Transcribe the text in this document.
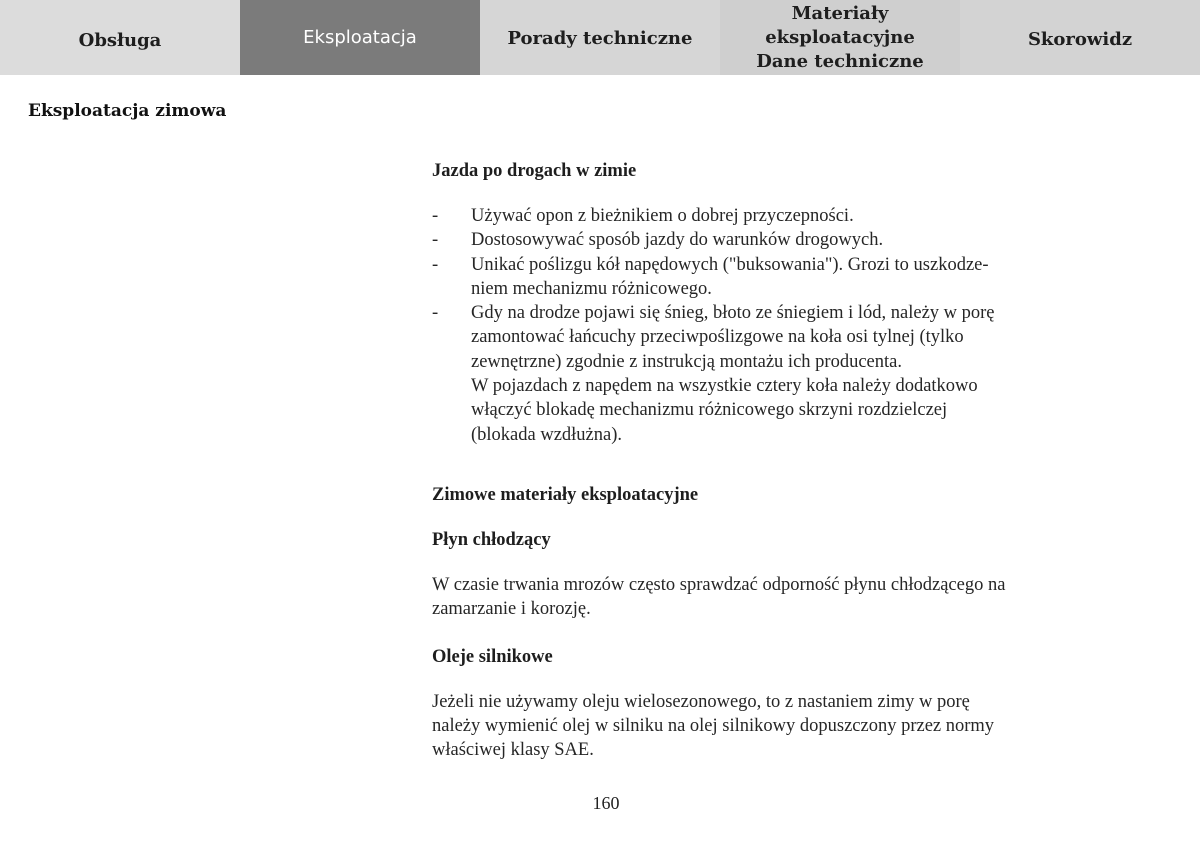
Obsługa	Eksploatacja	Porady techniczne
Materiały eksploatacyjne
Dane techniczne
Skorowidz
Eksploatacja zimowa
Jazda po drogach w zimie
- Używać opon z bieżnikiem o dobrej przyczepności.
- Dostosowywać sposób jazdy do warunków drogowych.
- Unikać poślizgu kół napędowych ("buksowania"). Grozi to uszkodze-
niem mechanizmu różnicowego.
- Gdy na drodze pojawi się śnieg, błoto ze śniegiem i lód, należy w porę
zamontować łańcuchy przeciwpoślizgowe na koła osi tylnej (tylko
zewnętrzne) zgodnie z instrukcją montażu ich producenta.
W pojazdach z napędem na wszystkie cztery koła należy dodatkowo
włączyć blokadę mechanizmu różnicowego skrzyni rozdzielczej
(blokada wzdłużna).
Zimowe materiały eksploatacyjne
Płyn chłodzący

W czasie trwania mrozów często sprawdzać odporność płynu chłodzącego na
zamarzanie i korozję.

Oleje silnikowe

Jeżeli nie używamy oleju wielosezonowego, to z nastaniem zimy w porę
należy wymienić olej w silniku na olej silnikowy dopuszczony przez normy
właściwej klasy SAE.

160
